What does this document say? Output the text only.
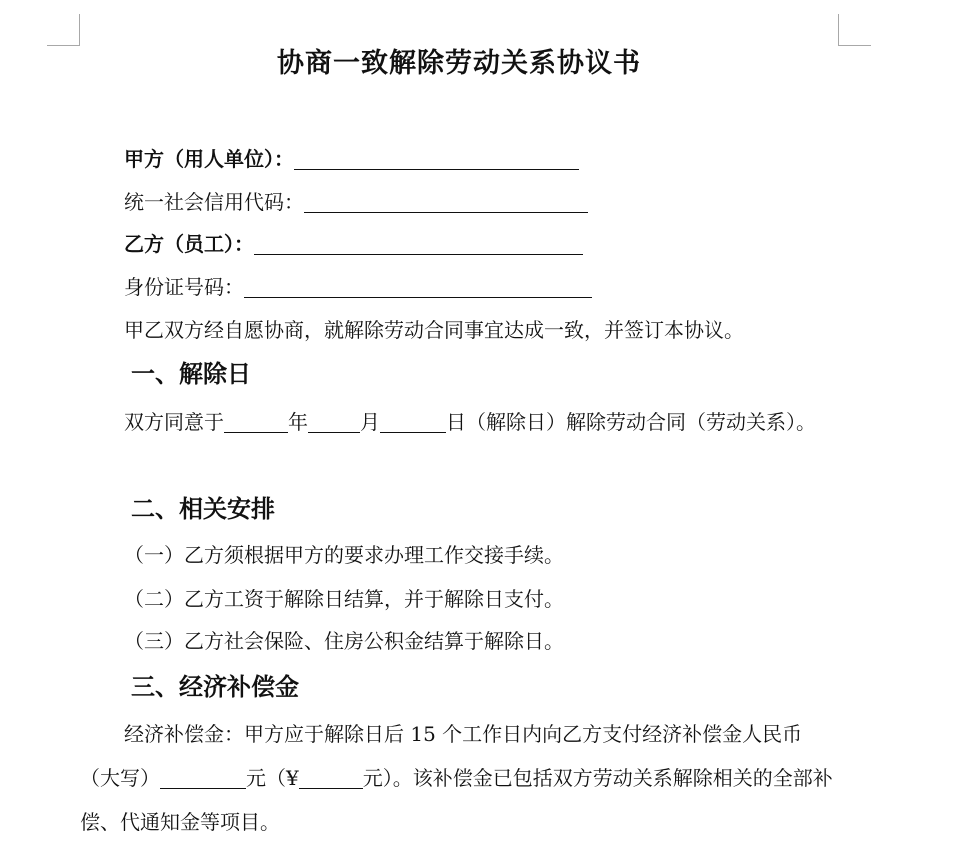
协商一致解除劳动关系协议书
甲方（用人单位）：
统一社会信用代码：
乙方（员工）：
身份证号码：
甲乙双方经自愿协商，就解除劳动合同事宜达成一致，并签订本协议。
一、解除日
双方同意于	年	月	日（解除日）解除劳动合同（劳动关系）。
二、相关安排
（一）乙方须根据甲方的要求办理工作交接手续。
（二）乙方工资于解除日结算，并于解除日支付。
（三）乙方社会保险、住房公积金结算于解除日。
三、经济补偿金
经济补偿金：甲方应于解除日后 15 个工作日内向乙方支付经济补偿金人民币（大写）	元（¥	元）。该补偿金已包括双方劳动关系解除相关的全部补偿、代通知金等项目。
